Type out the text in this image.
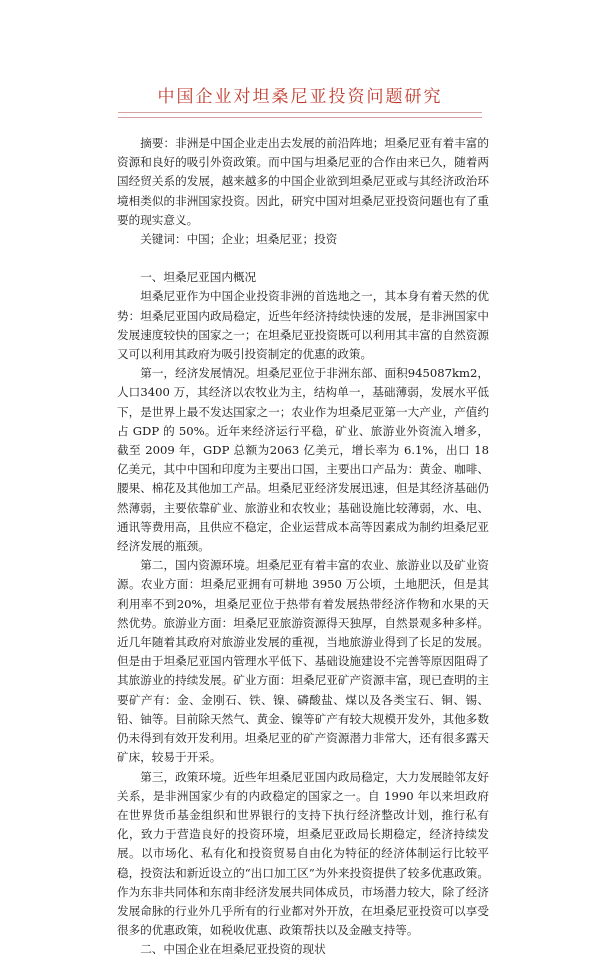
中国企业对坦桑尼亚投资问题研究

摘要：非洲是中国企业走出去发展的前沿阵地；坦桑尼亚有着丰富的资源和良好的吸引外资政策。而中国与坦桑尼亚的合作由来已久，随着两国经贸关系的发展，越来越多的中国企业欲到坦桑尼亚或与其经济政治环境相类似的非洲国家投资。因此，研究中国对坦桑尼亚投资问题也有了重要的现实意义。

关键词：中国；企业；坦桑尼亚；投资

一、坦桑尼亚国内概况

坦桑尼亚作为中国企业投资非洲的首选地之一，其本身有着天然的优势：坦桑尼亚国内政局稳定，近些年经济持续快速的发展，是非洲国家中发展速度较快的国家之一；在坦桑尼亚投资既可以利用其丰富的自然资源又可以利用其政府为吸引投资制定的优惠的政策。

第一，经济发展情况。坦桑尼亚位于非洲东部、面积945087km2，人口3400 万，其经济以农牧业为主，结构单一，基础薄弱，发展水平低下，是世界上最不发达国家之一；农业作为坦桑尼亚第一大产业，产值约占 GDP 的 50%。近年来经济运行平稳，矿业、旅游业外资流入增多，截至 2009 年，GDP 总额为2063 亿美元，增长率为 6.1%，出口 18 亿美元，其中中国和印度为主要出口国，主要出口产品为：黄金、咖啡、腰果、棉花及其他加工产品。坦桑尼亚经济发展迅速，但是其经济基础仍然薄弱，主要依靠矿业、旅游业和农牧业；基础设施比较薄弱，水、电、通讯等费用高，且供应不稳定，企业运营成本高等因素成为制约坦桑尼亚经济发展的瓶颈。

第二，国内资源环境。坦桑尼亚有着丰富的农业、旅游业以及矿业资源。农业方面：坦桑尼亚拥有可耕地 3950 万公顷，土地肥沃，但是其利用率不到20%，坦桑尼亚位于热带有着发展热带经济作物和水果的天然优势。旅游业方面：坦桑尼亚旅游资源得天独厚，自然景观多种多样。近几年随着其政府对旅游业发展的重视，当地旅游业得到了长足的发展。但是由于坦桑尼亚国内管理水平低下、基础设施建设不完善等原因阻碍了其旅游业的持续发展。矿业方面：坦桑尼亚矿产资源丰富，现已查明的主要矿产有：金、金刚石、铁、镍、磷酸盐、煤以及各类宝石、铜、锡、铅、铀等。目前除天然气、黄金、镍等矿产有较大规模开发外，其他多数仍未得到有效开发利用。坦桑尼亚的矿产资源潜力非常大，还有很多露天矿床，较易于开采。

第三，政策环境。近些年坦桑尼亚国内政局稳定，大力发展睦邻友好关系，是非洲国家少有的内政稳定的国家之一。自 1990 年以来坦政府在世界货币基金组织和世界银行的支持下执行经济整改计划，推行私有化，致力于营造良好的投资环境，坦桑尼亚政局长期稳定，经济持续发展。以市场化、私有化和投资贸易自由化为特征的经济体制运行比较平稳，投资法和新近设立的“出口加工区”为外来投资提供了较多优惠政策。作为东非共同体和东南非经济发展共同体成员，市场潜力较大，除了经济发展命脉的行业外几乎所有的行业都对外开放，在坦桑尼亚投资可以享受很多的优惠政策，如税收优惠、政策帮扶以及金融支持等。

二、中国企业在坦桑尼亚投资的现状
